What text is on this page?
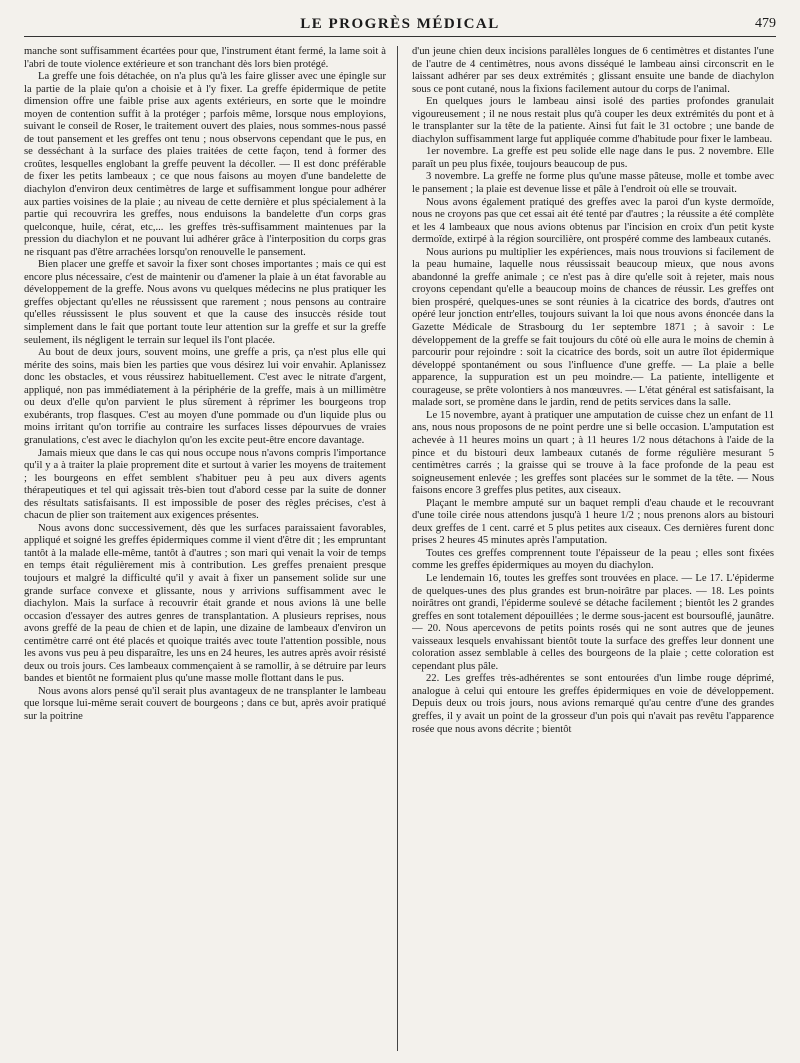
LE PROGRÈS MÉDICAL	479

manche sont suffisamment écartées pour que, l'instrument étant fermé, la lame soit à l'abri de toute violence extérieure et son tranchant dès lors bien protégé.

La greffe une fois détachée, on n'a plus qu'à les faire glisser avec une épingle sur la partie de la plaie qu'on a choisie et à l'y fixer. La greffe épidermique de petite dimension offre une faible prise aux agents extérieurs, en sorte que le moindre moyen de contention suffit à la protéger ; parfois même, lorsque nous employions, suivant le conseil de Roser, le traitement ouvert des plaies, nous sommes-nous passé de tout pansement et les greffes ont tenu ; nous observons cependant que le pus, en se desséchant à la surface des plaies traitées de cette façon, tend à former des croûtes, lesquelles englobant la greffe peuvent la décoller. — Il est donc préférable de fixer les petits lambeaux ; ce que nous faisons au moyen d'une bandelette de diachylon d'environ deux centimètres de large et suffisamment longue pour adhérer aux parties voisines de la plaie ; au niveau de cette dernière et plus spécialement à la partie qui recouvrira les greffes, nous enduisons la bandelette d'un corps gras quelconque, huile, cérat, etc,... les greffes très-suffisamment maintenues par la pression du diachylon et ne pouvant lui adhérer grâce à l'interposition du corps gras ne risquant pas d'être arrachées lorsqu'on renouvelle le pansement.

Bien placer une greffe et savoir la fixer sont choses importantes ; mais ce qui est encore plus nécessaire, c'est de maintenir ou d'amener la plaie à un état favorable au développement de la greffe. Nous avons vu quelques médecins ne plus pratiquer les greffes objectant qu'elles ne réussissent que rarement ; nous pensons au contraire qu'elles réussissent le plus souvent et que la cause des insuccès réside tout simplement dans le fait que portant toute leur attention sur la greffe et sur la greffe seulement, ils négligent le terrain sur lequel ils l'ont placée.

Au bout de deux jours, souvent moins, une greffe a pris, ça n'est plus elle qui mérite des soins, mais bien les parties que vous désirez lui voir envahir. Aplanissez donc les obstacles, et vous réussirez habituellement. C'est avec le nitrate d'argent, appliqué, non pas immédiatement à la périphérie de la greffe, mais à un millimètre ou deux d'elle qu'on parvient le plus sûrement à réprimer les bourgeons trop exubérants, trop flasques. C'est au moyen d'une pommade ou d'un liquide plus ou moins irritant qu'on torrifie au contraire les surfaces lisses dépourvues de vraies granulations, c'est avec le diachylon qu'on les excite peut-être encore davantage.

Jamais mieux que dans le cas qui nous occupe nous n'avons compris l'importance qu'il y a à traiter la plaie proprement dite et surtout à varier les moyens de traitement ; les bourgeons en effet semblent s'habituer peu à peu aux divers agents thérapeutiques et tel qui agissait très-bien tout d'abord cesse par la suite de donner des résultats satisfaisants. Il est impossible de poser des règles précises, c'est à chacun de plier son traitement aux exigences présentes.

Nous avons donc successivement, dès que les surfaces paraissaient favorables, appliqué et soigné les greffes épidermiques comme il vient d'être dit ; les empruntant tantôt à la malade elle-même, tantôt à d'autres ; son mari qui venait la voir de temps en temps était régulièrement mis à contribution. Les greffes prenaient presque toujours et malgré la difficulté qu'il y avait à fixer un pansement solide sur une grande surface convexe et glissante, nous y arrivions suffisamment avec le diachylon. Mais la surface à recouvrir était grande et nous avions là une belle occasion d'essayer des autres genres de transplantation. A plusieurs reprises, nous avons greffé de la peau de chien et de lapin, une dizaine de lambeaux d'environ un centimètre carré ont été placés et quoique traités avec toute l'attention possible, nous les avons vus peu à peu disparaître, les uns en 24 heures, les autres après avoir résisté deux ou trois jours. Ces lambeaux commençaient à se ramollir, à se détruire par leurs bandes et bientôt ne formaient plus qu'une masse molle flottant dans le pus.

Nous avons alors pensé qu'il serait plus avantageux de ne transplanter le lambeau que lorsque lui-même serait couvert de bourgeons ; dans ce but, après avoir pratiqué sur la poitrine

d'un jeune chien deux incisions parallèles longues de 6 centimètres et distantes l'une de l'autre de 4 centimètres, nous avons disséqué le lambeau ainsi circonscrit en le laissant adhérer par ses deux extrémités ; glissant ensuite une bande de diachylon sous ce pont cutané, nous la fixions facilement autour du corps de l'animal.

En quelques jours le lambeau ainsi isolé des parties profondes granulait vigoureusement ; il ne nous restait plus qu'à couper les deux extrémités du pont et à le transplanter sur la tête de la patiente. Ainsi fut fait le 31 octobre ; une bande de diachylon suffisamment large fut appliquée comme d'habitude pour fixer le lambeau.

1er novembre. La greffe est peu solide elle nage dans le pus. 2 novembre. Elle paraît un peu plus fixée, toujours beaucoup de pus.

3 novembre. La greffe ne forme plus qu'une masse pâteuse, molle et tombe avec le pansement ; la plaie est devenue lisse et pâle à l'endroit où elle se trouvait.

Nous avons également pratiqué des greffes avec la paroi d'un kyste dermoïde, nous ne croyons pas que cet essai ait été tenté par d'autres ; la réussite a été complète et les 4 lambeaux que nous avions obtenus par l'incision en croix d'un petit kyste dermoïde, extirpé à la région sourcilière, ont prospéré comme des lambeaux cutanés.

Nous aurions pu multiplier les expériences, mais nous trouvions si facilement de la peau humaine, laquelle nous réussissait beaucoup mieux, que nous avons abandonné la greffe animale ; ce n'est pas à dire qu'elle soit à rejeter, mais nous croyons cependant qu'elle a beaucoup moins de chances de réussir. Les greffes ont bien prospéré, quelques-unes se sont réunies à la cicatrice des bords, d'autres ont opéré leur jonction entr'elles, toujours suivant la loi que nous avons énoncée dans la Gazette Médicale de Strasbourg du 1er septembre 1871 ; à savoir : Le développement de la greffe se fait toujours du côté où elle aura le moins de chemin à parcourir pour rejoindre : soit la cicatrice des bords, soit un autre îlot épidermique développé spontanément ou sous l'influence d'une greffe. — La plaie a belle apparence, la suppuration est un peu moindre.— La patiente, intelligente et courageuse, se prête volontiers à nos manœuvres. — L'état général est satisfaisant, la malade sort, se promène dans le jardin, rend de petits services dans la salle.

Le 15 novembre, ayant à pratiquer une amputation de cuisse chez un enfant de 11 ans, nous nous proposons de ne point perdre une si belle occasion. L'amputation est achevée à 11 heures moins un quart ; à 11 heures 1/2 nous détachons à l'aide de la pince et du bistouri deux lambeaux cutanés de forme régulière mesurant 5 centimètres carrés ; la graisse qui se trouve à la face profonde de la peau est soigneusement enlevée ; les greffes sont placées sur le sommet de la tête. — Nous faisons encore 3 greffes plus petites, aux ciseaux.

Plaçant le membre amputé sur un baquet rempli d'eau chaude et le recouvrant d'une toile cirée nous attendons jusqu'à 1 heure 1/2 ; nous prenons alors au bistouri deux greffes de 1 cent. carré et 5 plus petites aux ciseaux. Ces dernières furent donc prises 2 heures 45 minutes après l'amputation.

Toutes ces greffes comprennent toute l'épaisseur de la peau ; elles sont fixées comme les greffes épidermiques au moyen du diachylon.

Le lendemain 16, toutes les greffes sont trouvées en place. — Le 17. L'épiderme de quelques-unes des plus grandes est brun-noirâtre par places. — 18. Les points noirâtres ont grandi, l'épiderme soulevé se détache facilement ; bientôt les 2 grandes greffes en sont totalement dépouillées ; le derme sous-jacent est boursouflé, jaunâtre. — 20. Nous apercevons de petits points rosés qui ne sont autres que de jeunes vaisseaux lesquels envahissant bientôt toute la surface des greffes leur donnent une coloration assez semblable à celles des bourgeons de la plaie ; cette coloration est cependant plus pâle.

22. Les greffes très-adhérentes se sont entourées d'un limbe rouge déprimé, analogue à celui qui entoure les greffes épidermiques en voie de développement. Depuis deux ou trois jours, nous avions remarqué qu'au centre d'une des grandes greffes, il y avait un point de la grosseur d'un pois qui n'avait pas revêtu l'apparence rosée que nous avons décrite ; bientôt
